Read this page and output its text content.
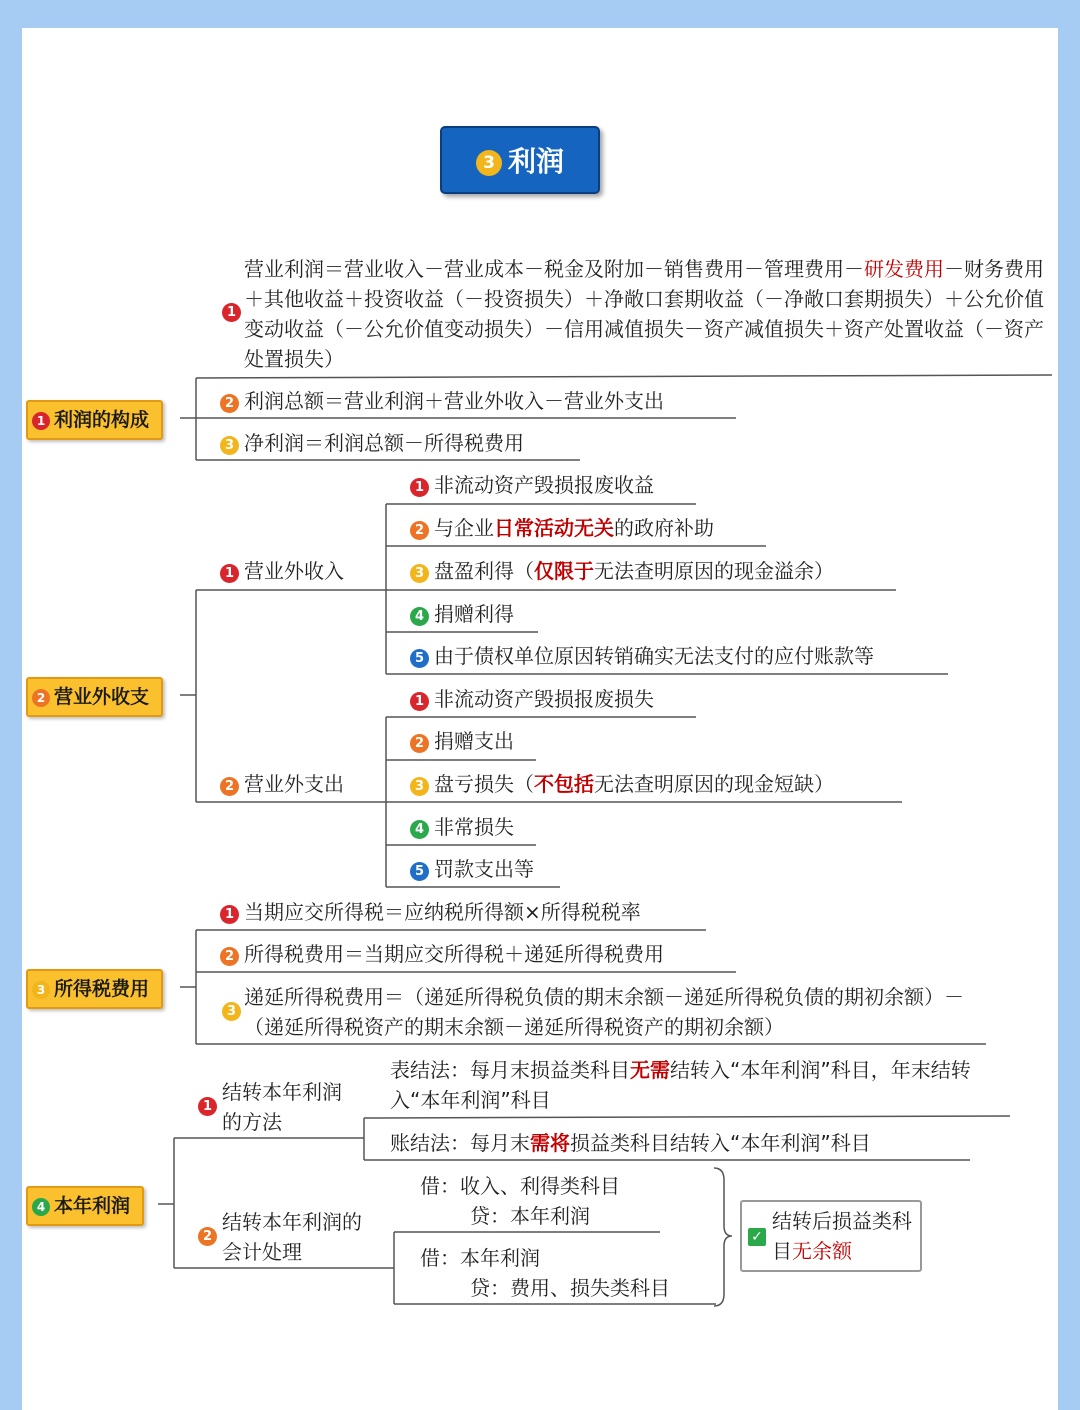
3 利润
1 利润的构成
1
营业利润＝营业收入－营业成本－税金及附加－销售费用－管理费用－研发费用－财务费用＋其他收益＋投资收益（－投资损失）＋净敞口套期收益（－净敞口套期损失）＋公允价值变动收益（－公允价值变动损失）－信用减值损失－资产减值损失＋资产处置收益（－资产处置损失）
2 利润总额＝营业利润＋营业外收入－营业外支出
3 净利润＝利润总额－所得税费用
2 营业外收支
1 营业外收入
1 非流动资产毁损报废收益
2 与企业日常活动无关的政府补助
3 盘盈利得（仅限于无法查明原因的现金溢余）
4 捐赠利得
5 由于债权单位原因转销确实无法支付的应付账款等
2 营业外支出
1 非流动资产毁损报废损失
2 捐赠支出
3 盘亏损失（不包括无法查明原因的现金短缺）
4 非常损失
5 罚款支出等
3 所得税费用
1 当期应交所得税＝应纳税所得额×所得税税率
2 所得税费用＝当期应交所得税＋递延所得税费用
3
递延所得税费用＝（递延所得税负债的期末余额－递延所得税负债的期初余额）－（递延所得税资产的期末余额－递延所得税资产的期初余额）
4 本年利润
1
结转本年利润的方法
表结法：每月末损益类科目无需结转入“本年利润”科目，年末结转入“本年利润”科目
账结法：每月末需将损益类科目结转入“本年利润”科目
2
结转本年利润的会计处理
借：收入、利得类科目
贷：本年利润
借：本年利润
贷：费用、损失类科目
✓
结转后损益类科目无余额
